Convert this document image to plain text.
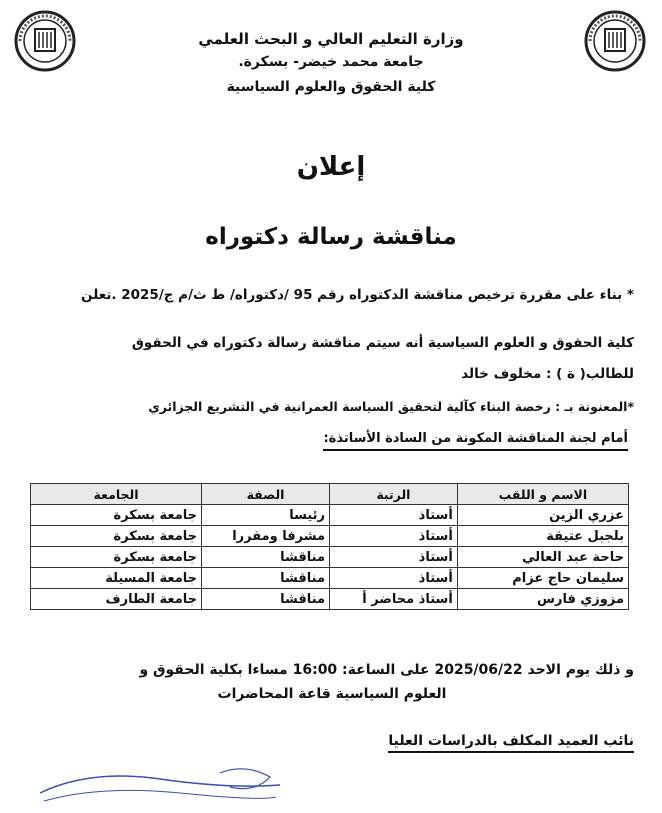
وزارة التعليم العالي و البحث العلمي
جامعة محمد خيضر- بسكرة.
كلية الحقوق والعلوم السياسية
إعلان
مناقشة رسالة دكتوراه
* بناء على مقررة ترخيص مناقشة الدكتوراه رقم 95 /دكتوراه/ ط ث/م ج/2025 .تعلن
كلية الحقوق و العلوم السياسية أنه سيتم مناقشة رسالة دكتوراه في الحقوق
للطالب( ة ) : مخلوف خالد
*المعنونة بـ : رخصة البناء كآلية لتحقيق السياسة العمرانية في التشريع الجزائري
أمام لجنة المناقشة المكونة من السادة الأساتذة:
الاسم و اللقب	الرتبة	الصفة	الجامعة
عزري الزين	أستاذ	رئيسا	جامعة بسكرة
بلجبل عتيقة	أستاذ	مشرفا ومقررا	جامعة بسكرة
حاحة عبد العالي	أستاذ	مناقشا	جامعة بسكرة
سليمان حاج عزام	أستاذ	مناقشا	جامعة المسيلة
مزوزي فارس	أستاذ محاضر أ	مناقشا	جامعة الطارف
و ذلك يوم الاحد 2025/06/22 على الساعة: 16:00 مساءا بكلية الحقوق و
العلوم السياسية قاعة المحاضرات
نائب العميد المكلف بالدراسات العليا
